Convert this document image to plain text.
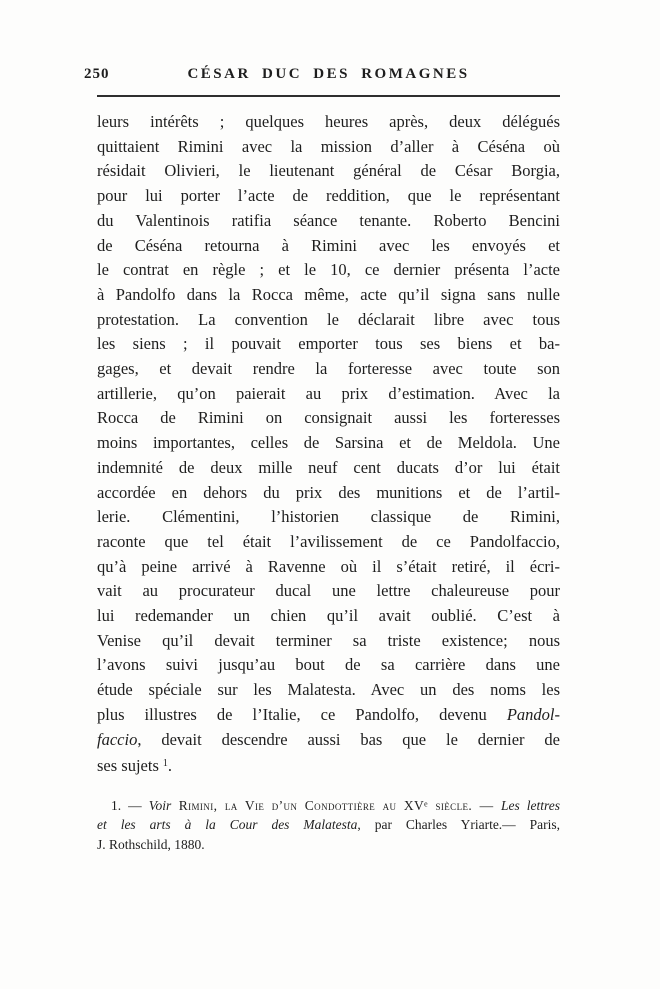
250	CÉSAR DUC DES ROMAGNES
leurs intérêts ; quelques heures après, deux délégués
quittaient Rimini avec la mission d’aller à Céséna où
résidait Olivieri, le lieutenant général de César Borgia,
pour lui porter l’acte de reddition, que le représentant
du Valentinois ratifia séance tenante. Roberto Bencini
de Céséna retourna à Rimini avec les envoyés et
le contrat en règle ; et le 10, ce dernier présenta l’acte
à Pandolfo dans la Rocca même, acte qu’il signa sans nulle
protestation. La convention le déclarait libre avec tous
les siens ; il pouvait emporter tous ses biens et ba-
gages, et devait rendre la forteresse avec toute son
artillerie, qu’on paierait au prix d’estimation. Avec la
Rocca de Rimini on consignait aussi les forteresses
moins importantes, celles de Sarsina et de Meldola. Une
indemnité de deux mille neuf cent ducats d’or lui était
accordée en dehors du prix des munitions et de l’artil-
lerie. Clémentini, l’historien classique de Rimini,
raconte que tel était l’avilissement de ce Pandolfaccio,
qu’à peine arrivé à Ravenne où il s’était retiré, il écri-
vait au procurateur ducal une lettre chaleureuse pour
lui redemander un chien qu’il avait oublié. C’est à
Venise qu’il devait terminer sa triste existence; nous
l’avons suivi jusqu’au bout de sa carrière dans une
étude spéciale sur les Malatesta. Avec un des noms les
plus illustres de l’Italie, ce Pandolfo, devenu Pandol-
faccio, devait descendre aussi bas que le dernier de
ses sujets $^1$.
1. — Voir Rimini, la Vie d’un Condottière au XVᵉ siècle. — Les lettres
et les arts à la Cour des Malatesta, par Charles Yriarte.— Paris,
J. Rothschild, 1880.
